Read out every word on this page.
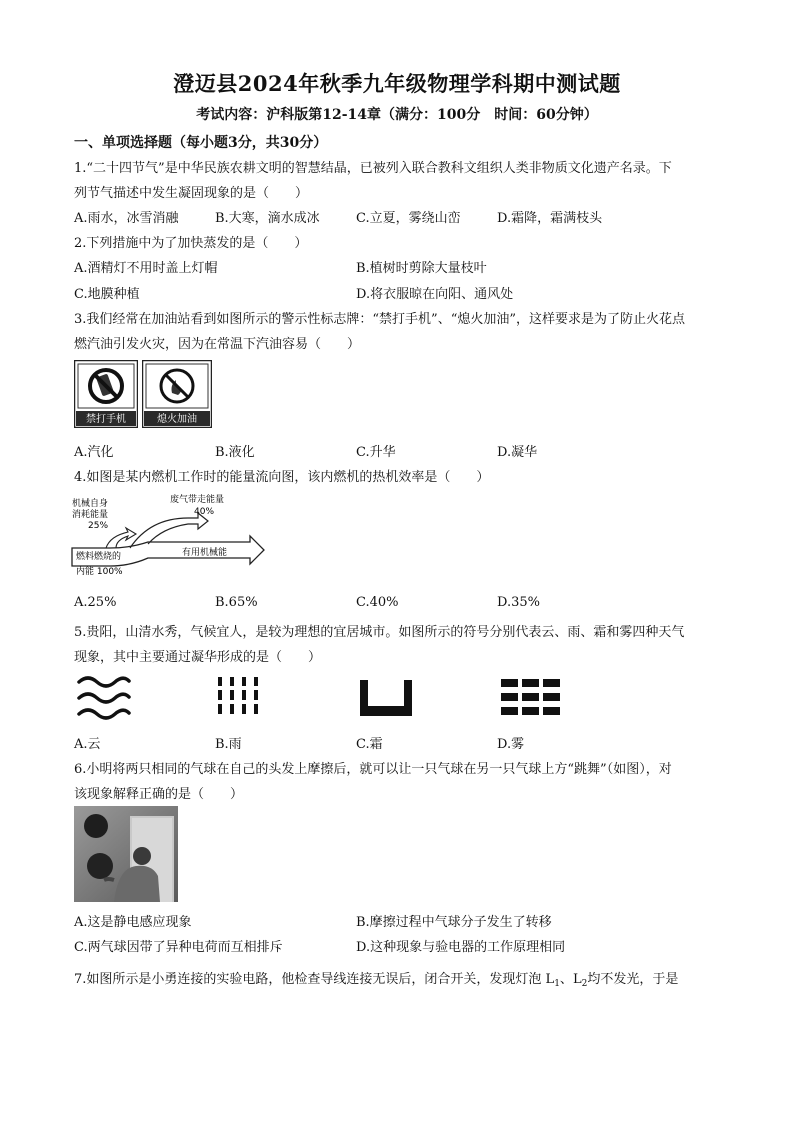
澄迈县2024年秋季九年级物理学科期中测试题
考试内容：沪科版第12-14章（满分：100分　时间：60分钟）
一、单项选择题（每小题3分，共30分）
1.“二十四节气”是中华民族农耕文明的智慧结晶，已被列入联合教科文组织人类非物质文化遗产名录。下
列节气描述中发生凝固现象的是（　　）
A.雨水，冰雪消融	B.大寒，滴水成冰	C.立夏，雾绕山峦	D.霜降，霜满枝头
2.下列措施中为了加快蒸发的是（　　）
A.酒精灯不用时盖上灯帽	B.植树时剪除大量枝叶
C.地膜种植	D.将衣服晾在向阳、通风处
3.我们经常在加油站看到如图所示的警示性标志牌：“禁打手机”、“熄火加油”，这样要求是为了防止火花点
燃汽油引发火灾，因为在常温下汽油容易（　　）
禁打手机	熄火加油
A.汽化	B.液化	C.升华	D.凝华
4.如图是某内燃机工作时的能量流向图，该内燃机的热机效率是（　　）
机械自身
消耗能量
25%
废气带走能量
40%
燃料燃烧的
内能 100%
有用机械能
A.25%	B.65%	C.40%	D.35%
5.贵阳，山清水秀，气候宜人，是较为理想的宜居城市。如图所示的符号分别代表云、雨、霜和雾四种天气
现象，其中主要通过凝华形成的是（　　）
A.云	B.雨	C.霜	D.雾
6.小明将两只相同的气球在自己的头发上摩擦后，就可以让一只气球在另一只气球上方“跳舞”（如图），对
该现象解释正确的是（　　）
A.这是静电感应现象	B.摩擦过程中气球分子发生了转移
C.两气球因带了异种电荷而互相排斥	D.这种现象与验电器的工作原理相同
7.如图所示是小勇连接的实验电路，他检查导线连接无误后，闭合开关，发现灯泡 $L_1$、$L_2$均不发光，于是
